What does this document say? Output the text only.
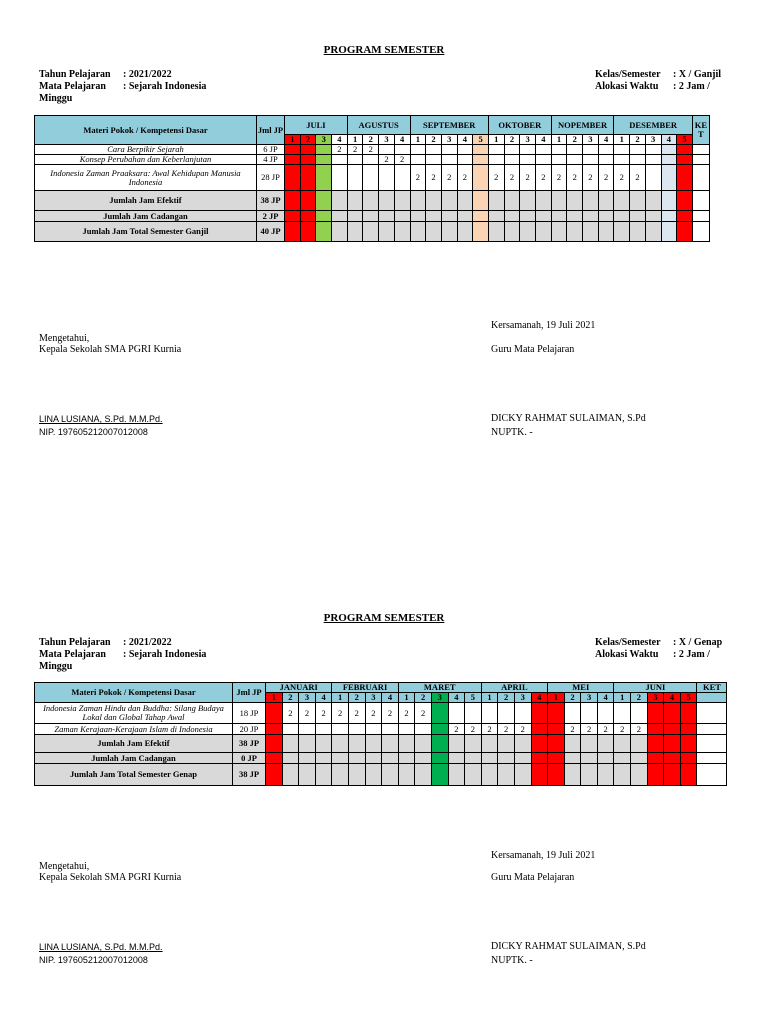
PROGRAM SEMESTER
Tahun Pelajaran : 2021/2022
Mata Pelajaran : Sejarah Indonesia
Minggu
Kelas/Semester : X / Ganjil
Alokasi Waktu : 2 Jam /
Materi Pokok / Kompetensi Dasar	Jml JP	JULI				AGUSTUS				SEPTEMBER					OKTOBER				NOPEMBER				DESEMBER					KE T
		1	2	3	4	1	2	3	4	1	2	3	4	5	1	2	3	4	1	2	3	4	1	2	3	4	5	
Cara Berpikir Sejarah	6 JP				2	2	2																					
Konsep Perubahan dan Keberlanjutan	4 JP							2	2																			
Indonesia Zaman Praaksara: Awal Kehidupan Manusia Indonesia	28 JP									2	2	2	2		2	2	2	2	2	2	2	2	2	2				
Jumlah Jam Efektif	38 JP																											
Jumlah Jam Cadangan	2 JP																											
Jumlah Jam Total Semester Ganjil	40 JP																											
Kersamanah, 19 Juli 2021
Mengetahui,
Kepala Sekolah SMA PGRI Kurnia	Guru Mata Pelajaran
LINA LUSIANA, S.Pd. M.M.Pd.	DICKY RAHMAT SULAIMAN, S.Pd
NIP. 197605212007012008	NUPTK. -
PROGRAM SEMESTER
Tahun Pelajaran : 2021/2022
Mata Pelajaran : Sejarah Indonesia
Minggu
Kelas/Semester : X / Genap
Alokasi Waktu : 2 Jam /
Materi Pokok / Kompetensi Dasar	Jml JP	JANUARI				FEBRUARI				MARET					APRIL				MEI				JUNI					KET
		1	2	3	4	1	2	3	4	1	2	3	4	5	1	2	3	4	1	2	3	4	1	2	3	4	5	
Indonesia Zaman Hindu dan Buddha: Silang Budaya Lokal dan Global Tahap Awal	18 JP		2	2	2	2	2	2	2	2	2																	
Zaman Kerajaan-Kerajaan Islam di Indonesia	20 JP												2	2	2	2	2			2	2	2	2	2				
Jumlah Jam Efektif	38 JP																											
Jumlah Jam Cadangan	0 JP																											
Jumlah Jam Total Semester Genap	38 JP																											
Kersamanah, 19 Juli 2021
Mengetahui,
Kepala Sekolah SMA PGRI Kurnia	Guru Mata Pelajaran
LINA LUSIANA, S.Pd. M.M.Pd.	DICKY RAHMAT SULAIMAN, S.Pd
NIP. 197605212007012008	NUPTK. -
